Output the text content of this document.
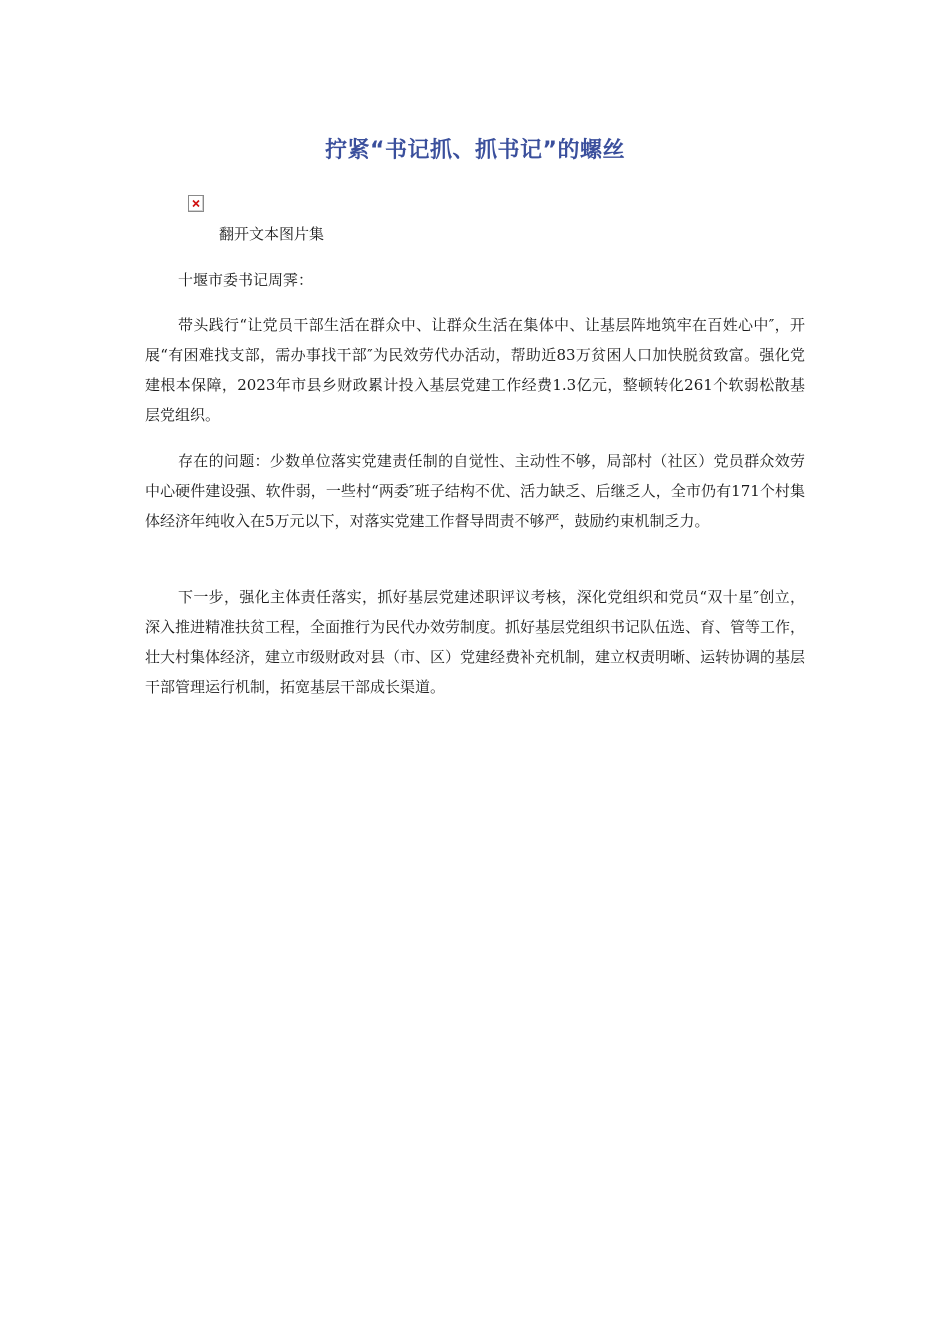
拧紧“书记抓、抓书记”的螺丝
翻开文本图片集
十堰市委书记周霁：
带头践行“让党员干部生活在群众中、让群众生活在集体中、让基层阵地筑牢在百姓心中″，开展“有困难找支部，需办事找干部″为民效劳代办活动，帮助近83万贫困人口加快脱贫致富。强化党建根本保障，2023年市县乡财政累计投入基层党建工作经费1.3亿元，整顿转化261个软弱松散基层党组织。
存在的问题：少数单位落实党建责任制的自觉性、主动性不够，局部村（社区）党员群众效劳中心硬件建设强、软件弱，一些村“两委″班子结构不优、活力缺乏、后继乏人，全市仍有171个村集体经济年纯收入在5万元以下，对落实党建工作督导問责不够严，鼓励约束机制乏力。
下一步，强化主体责任落实，抓好基层党建述职评议考核，深化党组织和党员“双十星″创立，深入推进精准扶贫工程，全面推行为民代办效劳制度。抓好基层党组织书记队伍选、育、管等工作，壮大村集体经济，建立市级财政对县（市、区）党建经费补充机制，建立权责明晰、运转协调的基层干部管理运行机制，拓宽基层干部成长渠道。
